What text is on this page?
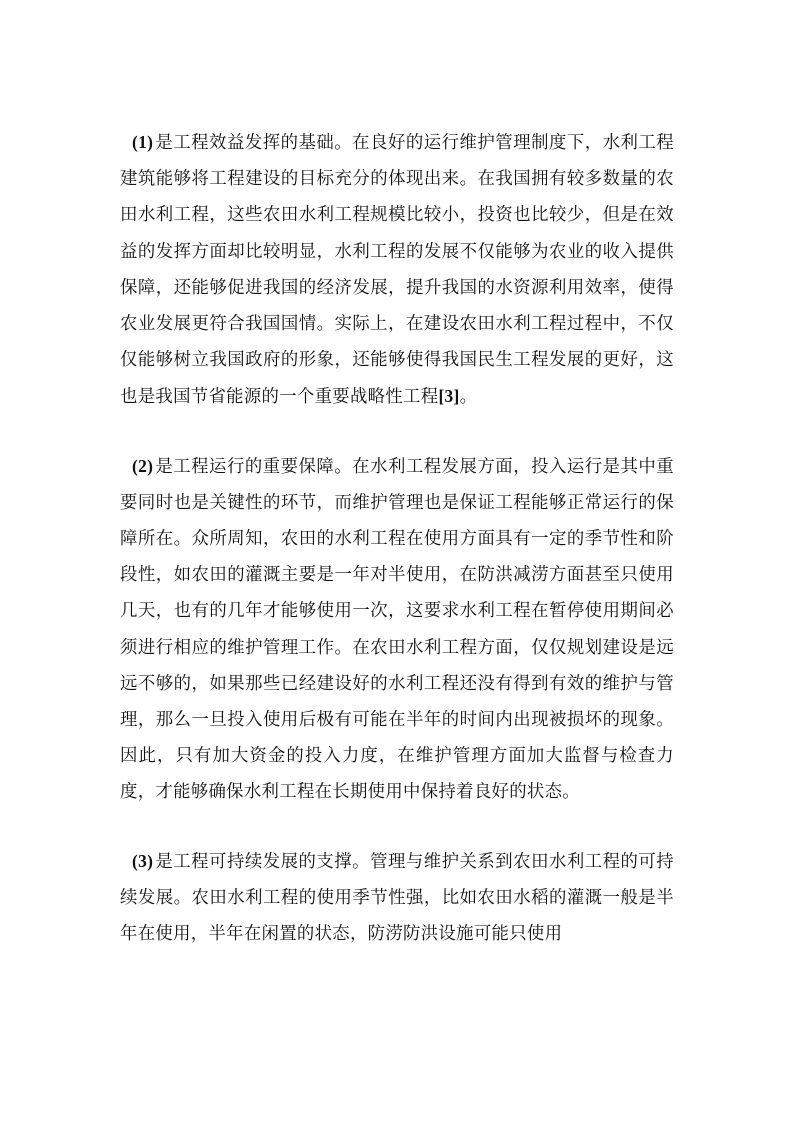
(1) 是工程效益发挥的基础。在良好的运行维护管理制度下，水利工程建筑能够将工程建设的目标充分的体现出来。在我国拥有较多数量的农田水利工程，这些农田水利工程规模比较小，投资也比较少，但是在效益的发挥方面却比较明显，水利工程的发展不仅能够为农业的收入提供保障，还能够促进我国的经济发展，提升我国的水资源利用效率，使得农业发展更符合我国国情。实际上，在建设农田水利工程过程中，不仅仅能够树立我国政府的形象，还能够使得我国民生工程发展的更好，这也是我国节省能源的一个重要战略性工程[3]。

(2) 是工程运行的重要保障。在水利工程发展方面，投入运行是其中重要同时也是关键性的环节，而维护管理也是保证工程能够正常运行的保障所在。众所周知，农田的水利工程在使用方面具有一定的季节性和阶段性，如农田的灌溉主要是一年对半使用，在防洪减涝方面甚至只使用几天，也有的几年才能够使用一次，这要求水利工程在暂停使用期间必须进行相应的维护管理工作。在农田水利工程方面，仅仅规划建设是远远不够的，如果那些已经建设好的水利工程还没有得到有效的维护与管理，那么一旦投入使用后极有可能在半年的时间内出现被损坏的现象。因此，只有加大资金的投入力度，在维护管理方面加大监督与检查力度，才能够确保水利工程在长期使用中保持着良好的状态。

(3) 是工程可持续发展的支撑。管理与维护关系到农田水利工程的可持续发展。农田水利工程的使用季节性强，比如农田水稻的灌溉一般是半年在使用，半年在闲置的状态，防涝防洪设施可能只使用
